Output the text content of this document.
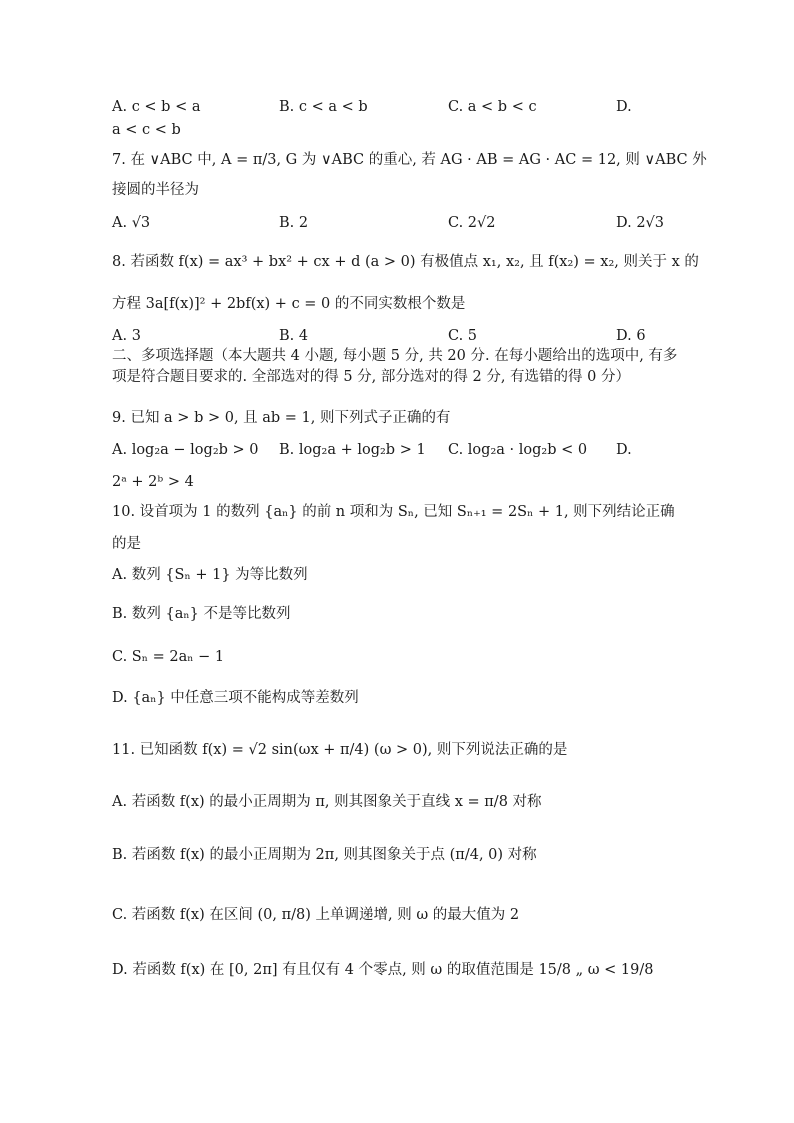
A. c < b < a	B. c < a < b	C. a < b < c	D.
a < c < b
7. 在 ∨ABC 中, A = π/3, G 为 ∨ABC 的重心, 若 AG · AB = AG · AC = 12, 则 ∨ABC 外
接圆的半径为
A. √3	B. 2	C. 2√2	D. 2√3
8. 若函数 f(x) = ax³ + bx² + cx + d (a > 0) 有极值点 x₁, x₂, 且 f(x₂) = x₂, 则关于 x 的
方程 3a[f(x)]² + 2bf(x) + c = 0 的不同实数根个数是
A. 3	B. 4	C. 5	D. 6
二、多项选择题（本大题共 4 小题, 每小题 5 分, 共 20 分. 在每小题给出的选项中, 有多项是符合题目要求的. 全部选对的得 5 分, 部分选对的得 2 分, 有选错的得 0 分）
9. 已知 a > b > 0, 且 ab = 1, 则下列式子正确的有
A. log₂a − log₂b > 0 B. log₂a + log₂b > 1 C. log₂a · log₂b < 0 D.
2ᵃ + 2ᵇ > 4
10. 设首项为 1 的数列 {aₙ} 的前 n 项和为 Sₙ, 已知 Sₙ₊₁ = 2Sₙ + 1, 则下列结论正确
的是
A. 数列 {Sₙ + 1} 为等比数列
B. 数列 {aₙ} 不是等比数列
C. Sₙ = 2aₙ − 1
D. {aₙ} 中任意三项不能构成等差数列
11. 已知函数 f(x) = √2 sin(ωx + π/4) (ω > 0), 则下列说法正确的是
A. 若函数 f(x) 的最小正周期为 π, 则其图象关于直线 x = π/8 对称
B. 若函数 f(x) 的最小正周期为 2π, 则其图象关于点 (π/4, 0) 对称
C. 若函数 f(x) 在区间 (0, π/8) 上单调递增, 则 ω 的最大值为 2
D. 若函数 f(x) 在 [0, 2π] 有且仅有 4 个零点, 则 ω 的取值范围是 15/8 „ ω < 19/8
